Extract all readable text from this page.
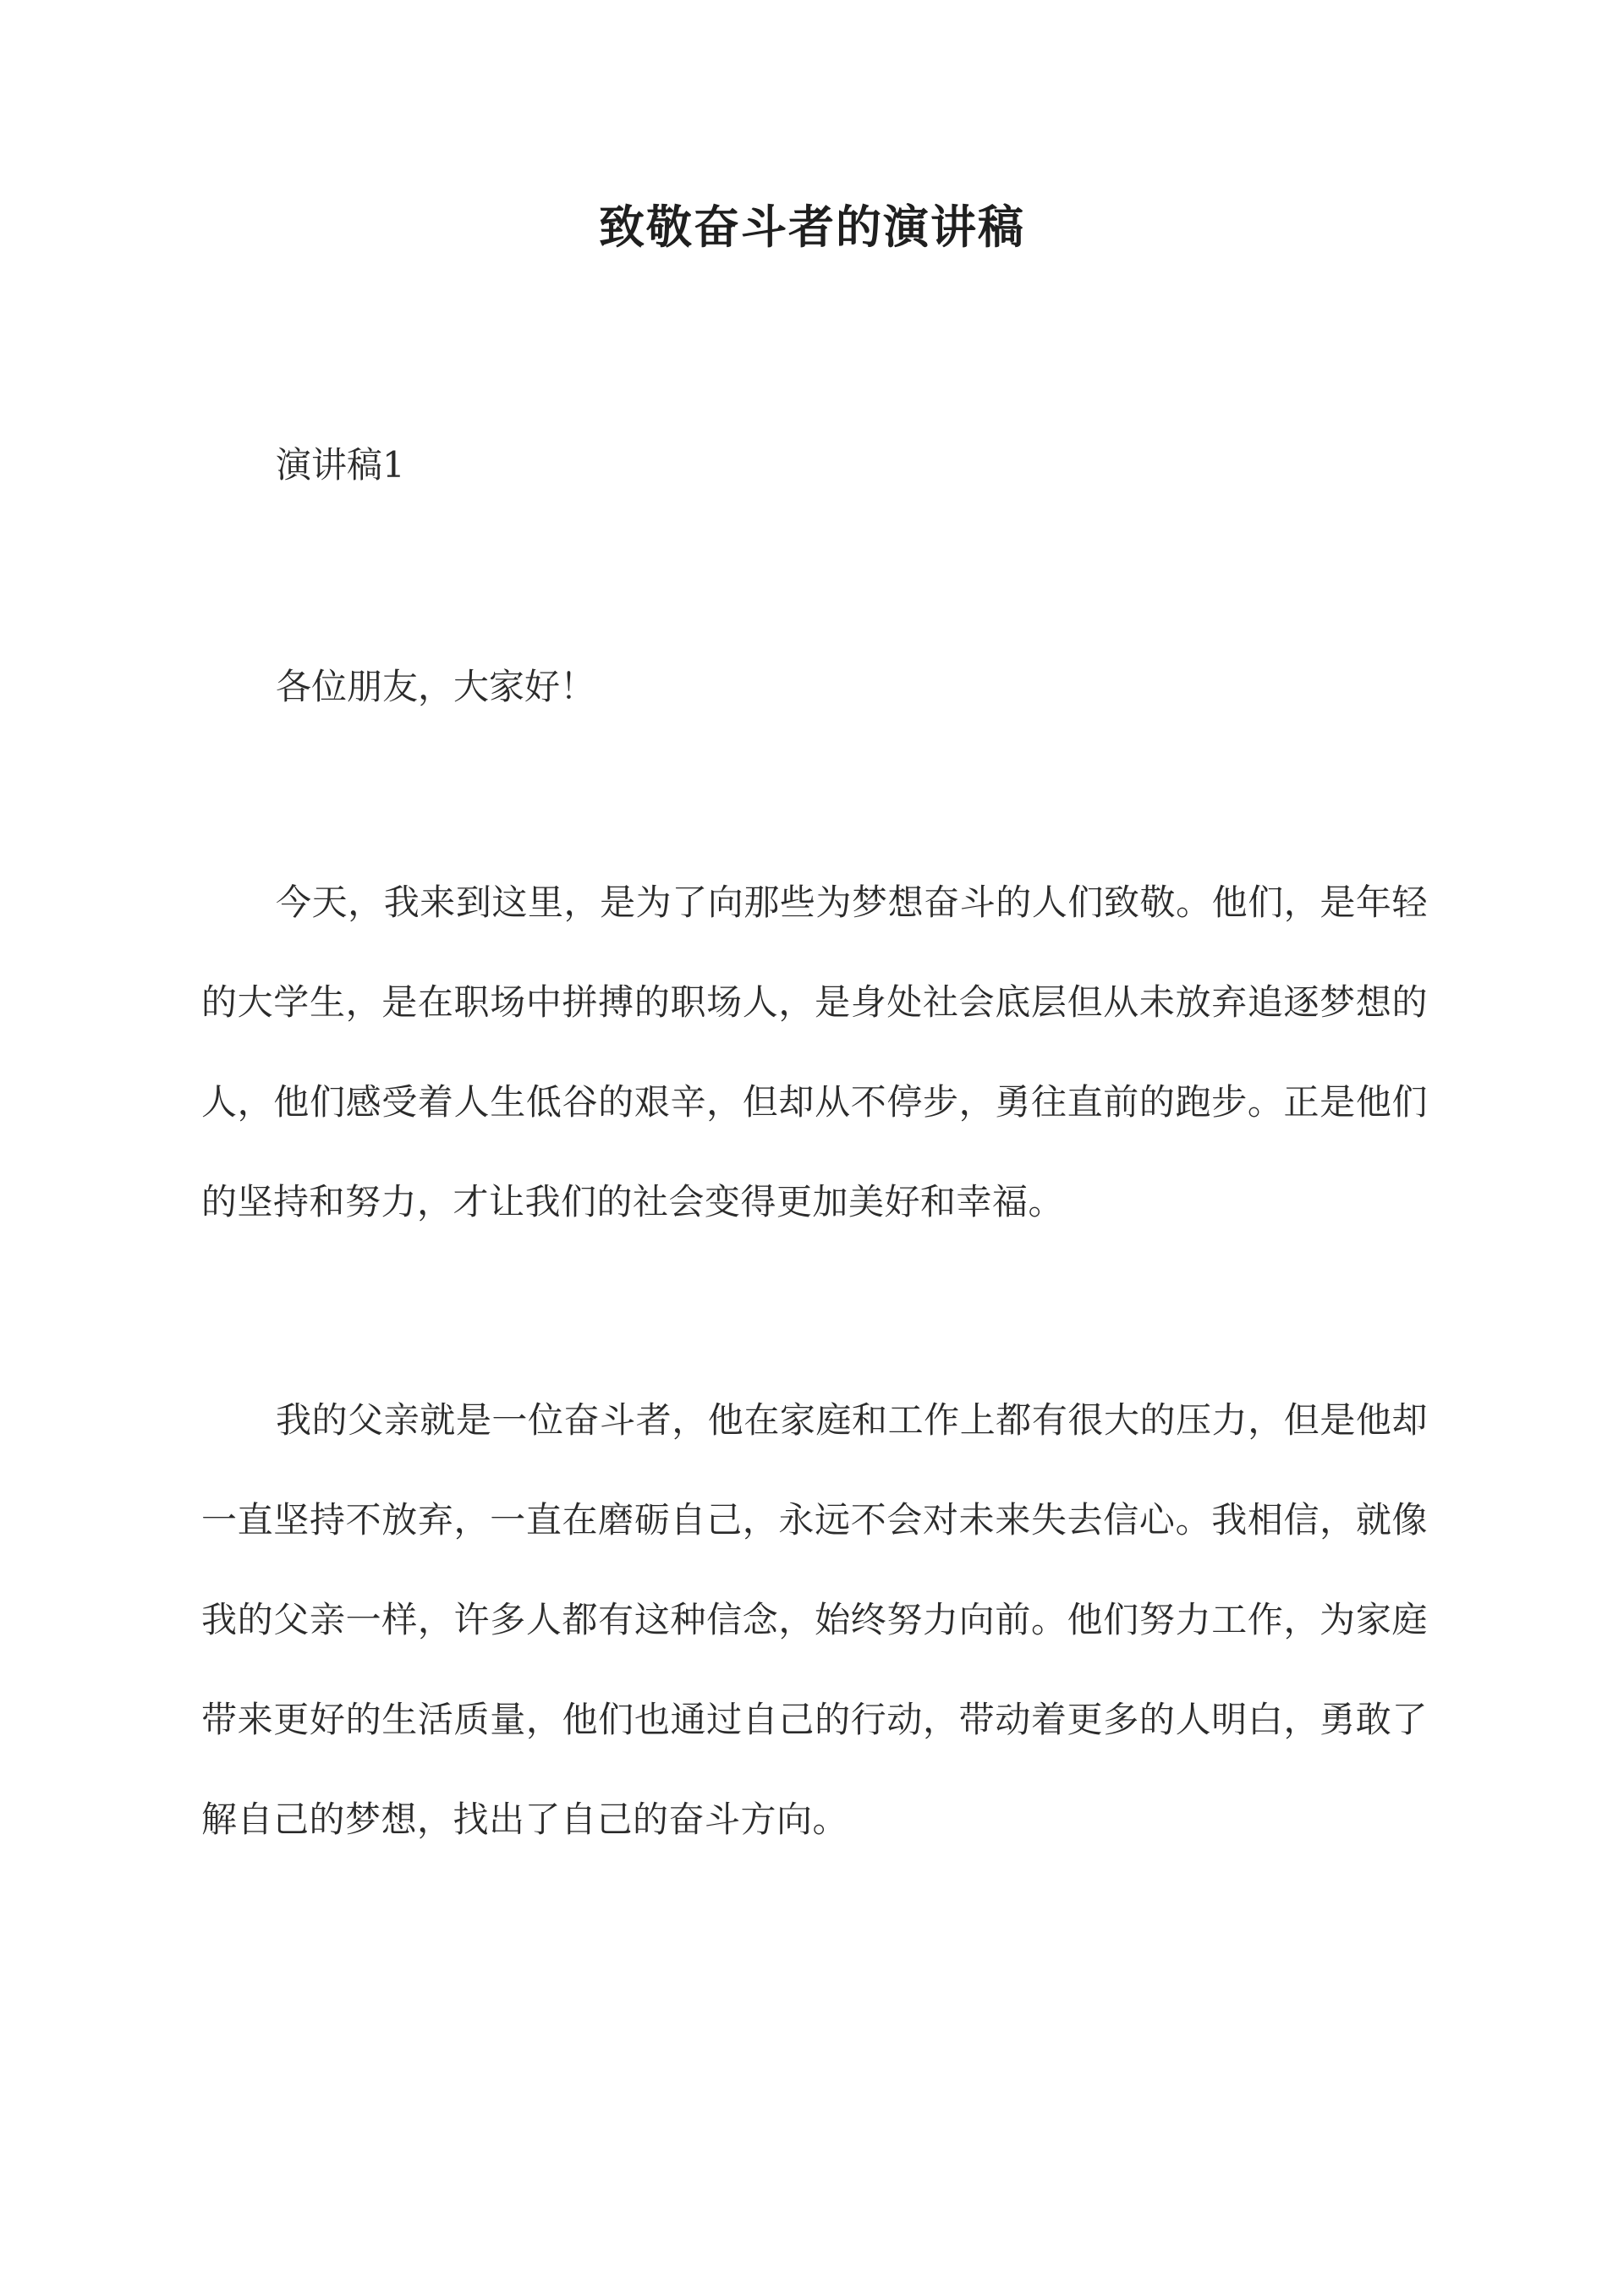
致敬奋斗者的演讲稿
演讲稿1
各位朋友，大家好！

今天，我来到这里，是为了向那些为梦想奋斗的人们致敬。他们，是年轻的大学生，是在职场中拼搏的职场人，是身处社会底层但从未放弃追逐梦想的人，他们感受着人生低谷的艰辛，但却从不停步，勇往直前的跑步。正是他们的坚持和努力，才让我们的社会变得更加美好和幸福。

我的父亲就是一位奋斗者，他在家庭和工作上都有很大的压力，但是他却一直坚持不放弃，一直在磨砺自己，永远不会对未来失去信心。我相信，就像我的父亲一样，许多人都有这种信念，始终努力向前。他们努力工作，为家庭带来更好的生活质量，他们也通过自己的行动，带动着更多的人明白，勇敢了解自己的梦想，找出了自己的奋斗方向。
